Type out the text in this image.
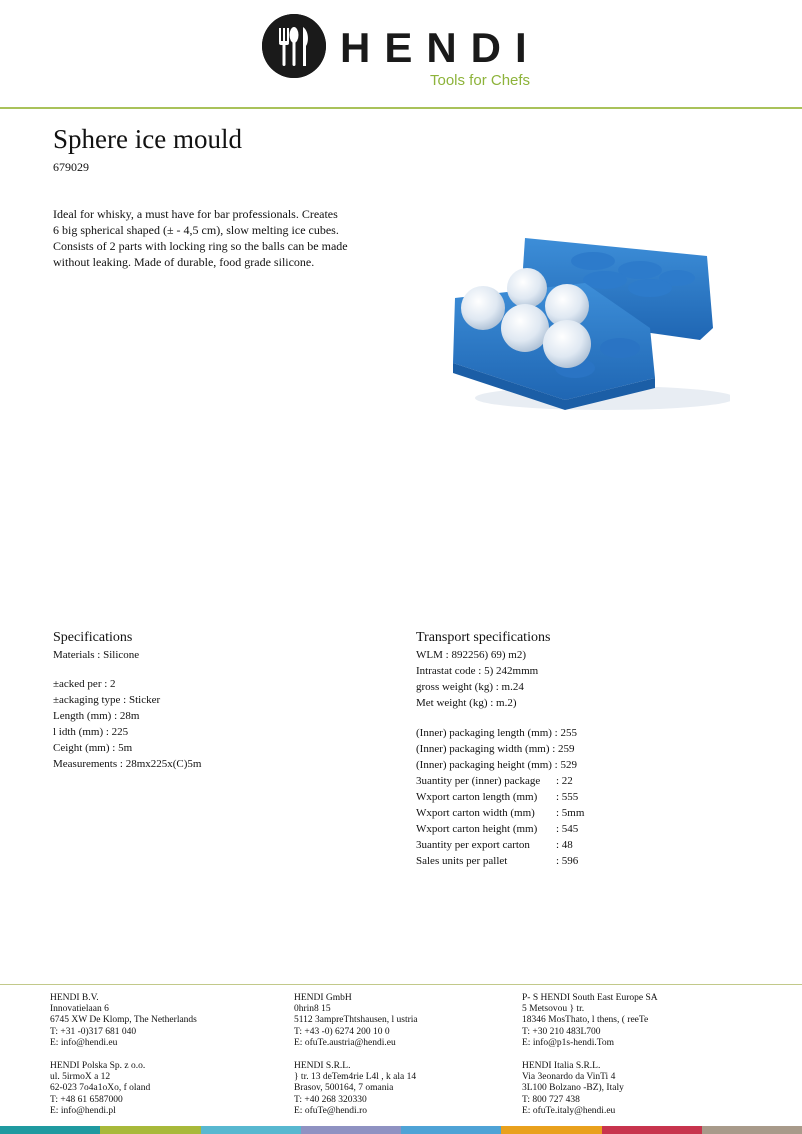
HENDI
Tools for Chefs
Sphere ice mould
679029

Ideal for whisky, a must have for bar professionals. Creates

6 big spherical shaped (± - 4,5 cm), slow melting ice cubes.

Consists of 2 parts with locking ring so the balls can be made

without leaking. Made of durable, food grade silicone.

Specifications
Materials : Silicone
±acked per : 2
±ackaging type : Sticker
Length (mm) : 28m
l idth (mm) : 225
Ceight (mm) : 5m
Measurements : 28mx225x(C)5m
Transport specifications
WLM : 892256) 69) m2)
Intrastat code : 5) 242mmm
gross weight (kg) : m.24
Met weight (kg) : m.2)
(Inner) packaging length (mm) : 255
(Inner) packaging width (mm) : 259
(Inner) packaging height (mm) : 529
3uantity per (inner) package : 22
Wxport carton length (mm) : 555
Wxport carton width (mm) : 5mm
Wxport carton height (mm) : 545
3uantity per export carton : 48
Sales units per pallet	: 596
HENDI B.V.
Innovatielaan 6
6745 XW De Klomp, The Netherlands
T: +31 -0)317 681 040
E: info@hendi.eu
HENDI GmbH
0hrin8 15
5112 3ampreThtshausen, l ustria
T: +43 -0) 6274 200 10 0
E: ofuTe.austria@hendi.eu
P- S HENDI South East Europe SA
5 Metsovou } tr.
18346 MosThato, l thens, ( reeTe
T: +30 210 483L700
E: info@p1s-hendi.Tom
HENDI Polska Sp. z o.o.
ul. 5irmoX a 12
62-023 7o4a1oXo, f oland
T: +48 61 6587000
E: info@hendi.pl
HENDI S.R.L.
} tr. 13 deTem4rie L4l , k ala 14
Brasov, 500164, 7 omania
T: +40 268 320330
E: ofuTe@hendi.ro
HENDI Italia S.R.L.
Via 3eonardo da VinTi 4
3L100 Bolzano -BZ), Italy
T: 800 727 438
E: ofuTe.italy@hendi.eu
